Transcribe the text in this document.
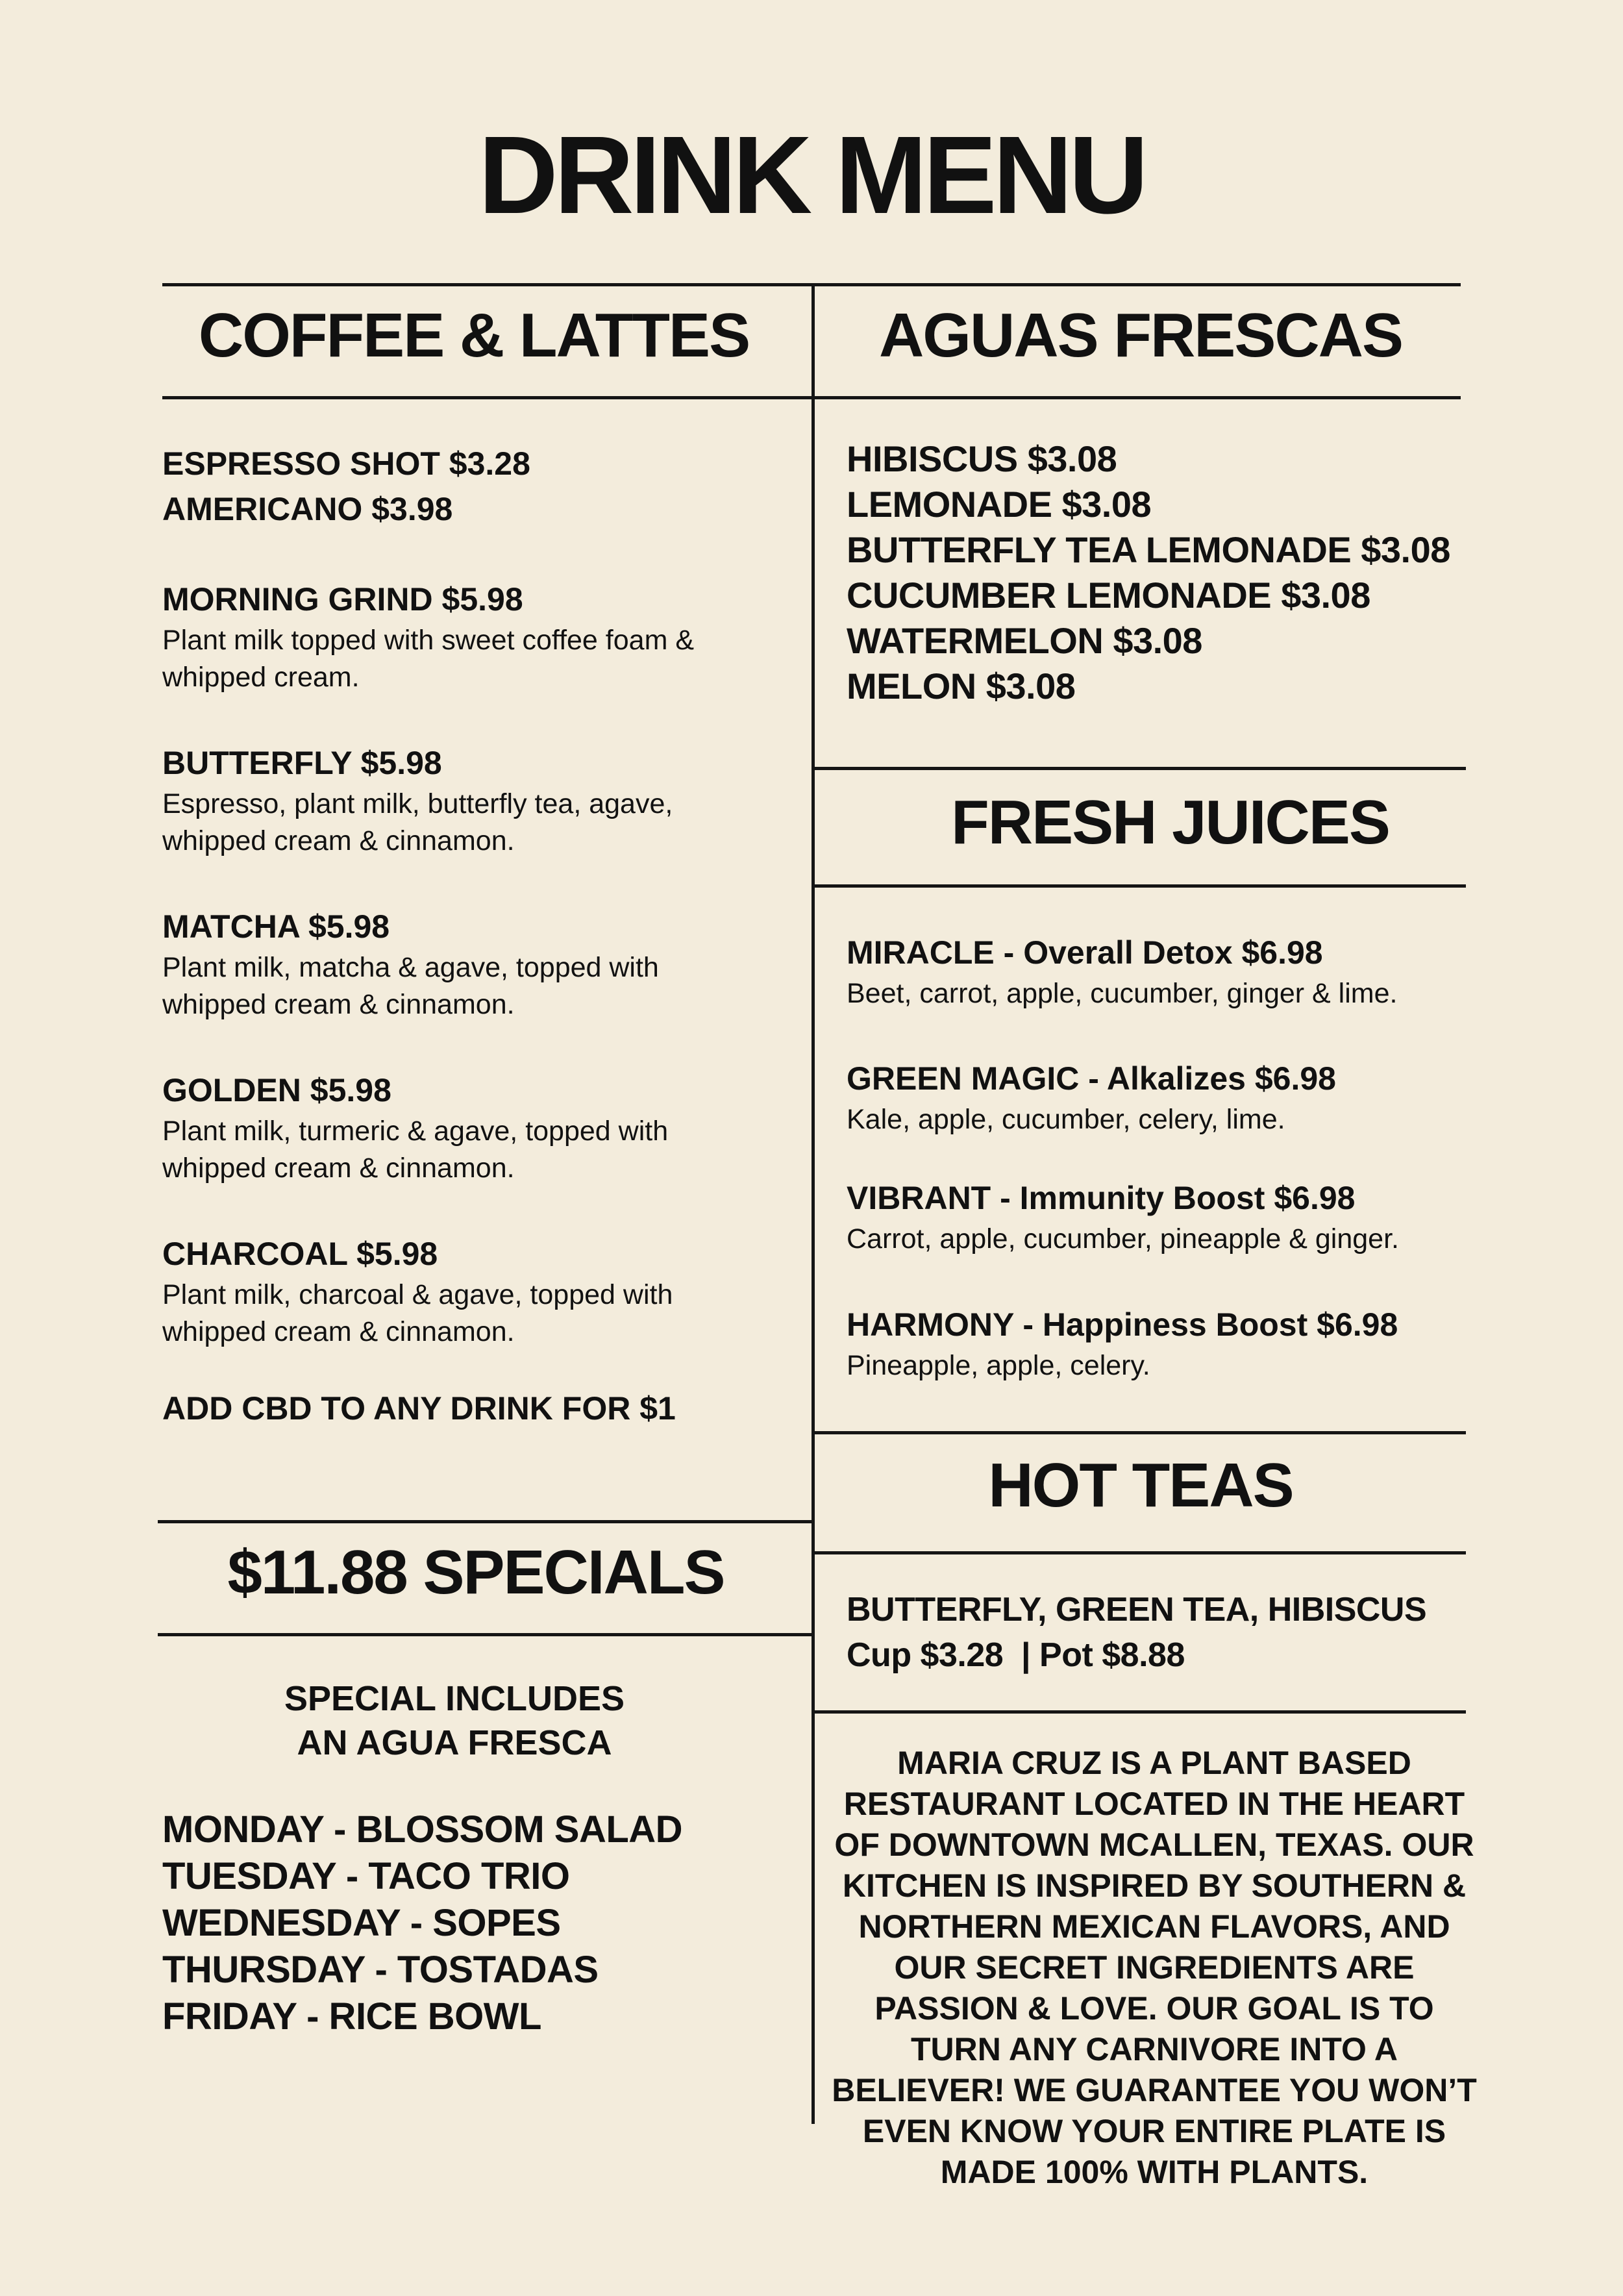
DRINK MENU
COFFEE & LATTES
ESPRESSO SHOT $3.28
AMERICANO $3.98
MORNING GRIND $5.98
Plant milk topped with sweet coffee foam &
whipped cream.
BUTTERFLY $5.98
Espresso, plant milk, butterfly tea, agave,
whipped cream & cinnamon.
MATCHA $5.98
Plant milk, matcha & agave, topped with
whipped cream & cinnamon.
GOLDEN $5.98
Plant milk, turmeric & agave, topped with
whipped cream & cinnamon.
CHARCOAL $5.98
Plant milk, charcoal & agave, topped with
whipped cream & cinnamon.
ADD CBD TO ANY DRINK FOR $1
$11.88 SPECIALS
SPECIAL INCLUDES
AN AGUA FRESCA
MONDAY - BLOSSOM SALAD
TUESDAY - TACO TRIO
WEDNESDAY - SOPES
THURSDAY - TOSTADAS
FRIDAY - RICE BOWL
AGUAS FRESCAS
HIBISCUS $3.08
LEMONADE $3.08
BUTTERFLY TEA LEMONADE $3.08
CUCUMBER LEMONADE $3.08
WATERMELON $3.08
MELON $3.08
FRESH JUICES
MIRACLE - Overall Detox $6.98
Beet, carrot, apple, cucumber, ginger & lime.
GREEN MAGIC - Alkalizes $6.98
Kale, apple, cucumber, celery, lime.
VIBRANT - Immunity Boost $6.98
Carrot, apple, cucumber, pineapple & ginger.
HARMONY - Happiness Boost $6.98
Pineapple, apple, celery.
HOT TEAS
BUTTERFLY, GREEN TEA, HIBISCUS
Cup $3.28  | Pot $8.88
MARIA CRUZ IS A PLANT BASED
RESTAURANT LOCATED IN THE HEART
OF DOWNTOWN MCALLEN, TEXAS. OUR
KITCHEN IS INSPIRED BY SOUTHERN &
NORTHERN MEXICAN FLAVORS, AND
OUR SECRET INGREDIENTS ARE
PASSION & LOVE. OUR GOAL IS TO
TURN ANY CARNIVORE INTO A
BELIEVER! WE GUARANTEE YOU WON’T
EVEN KNOW YOUR ENTIRE PLATE IS
MADE 100% WITH PLANTS.
